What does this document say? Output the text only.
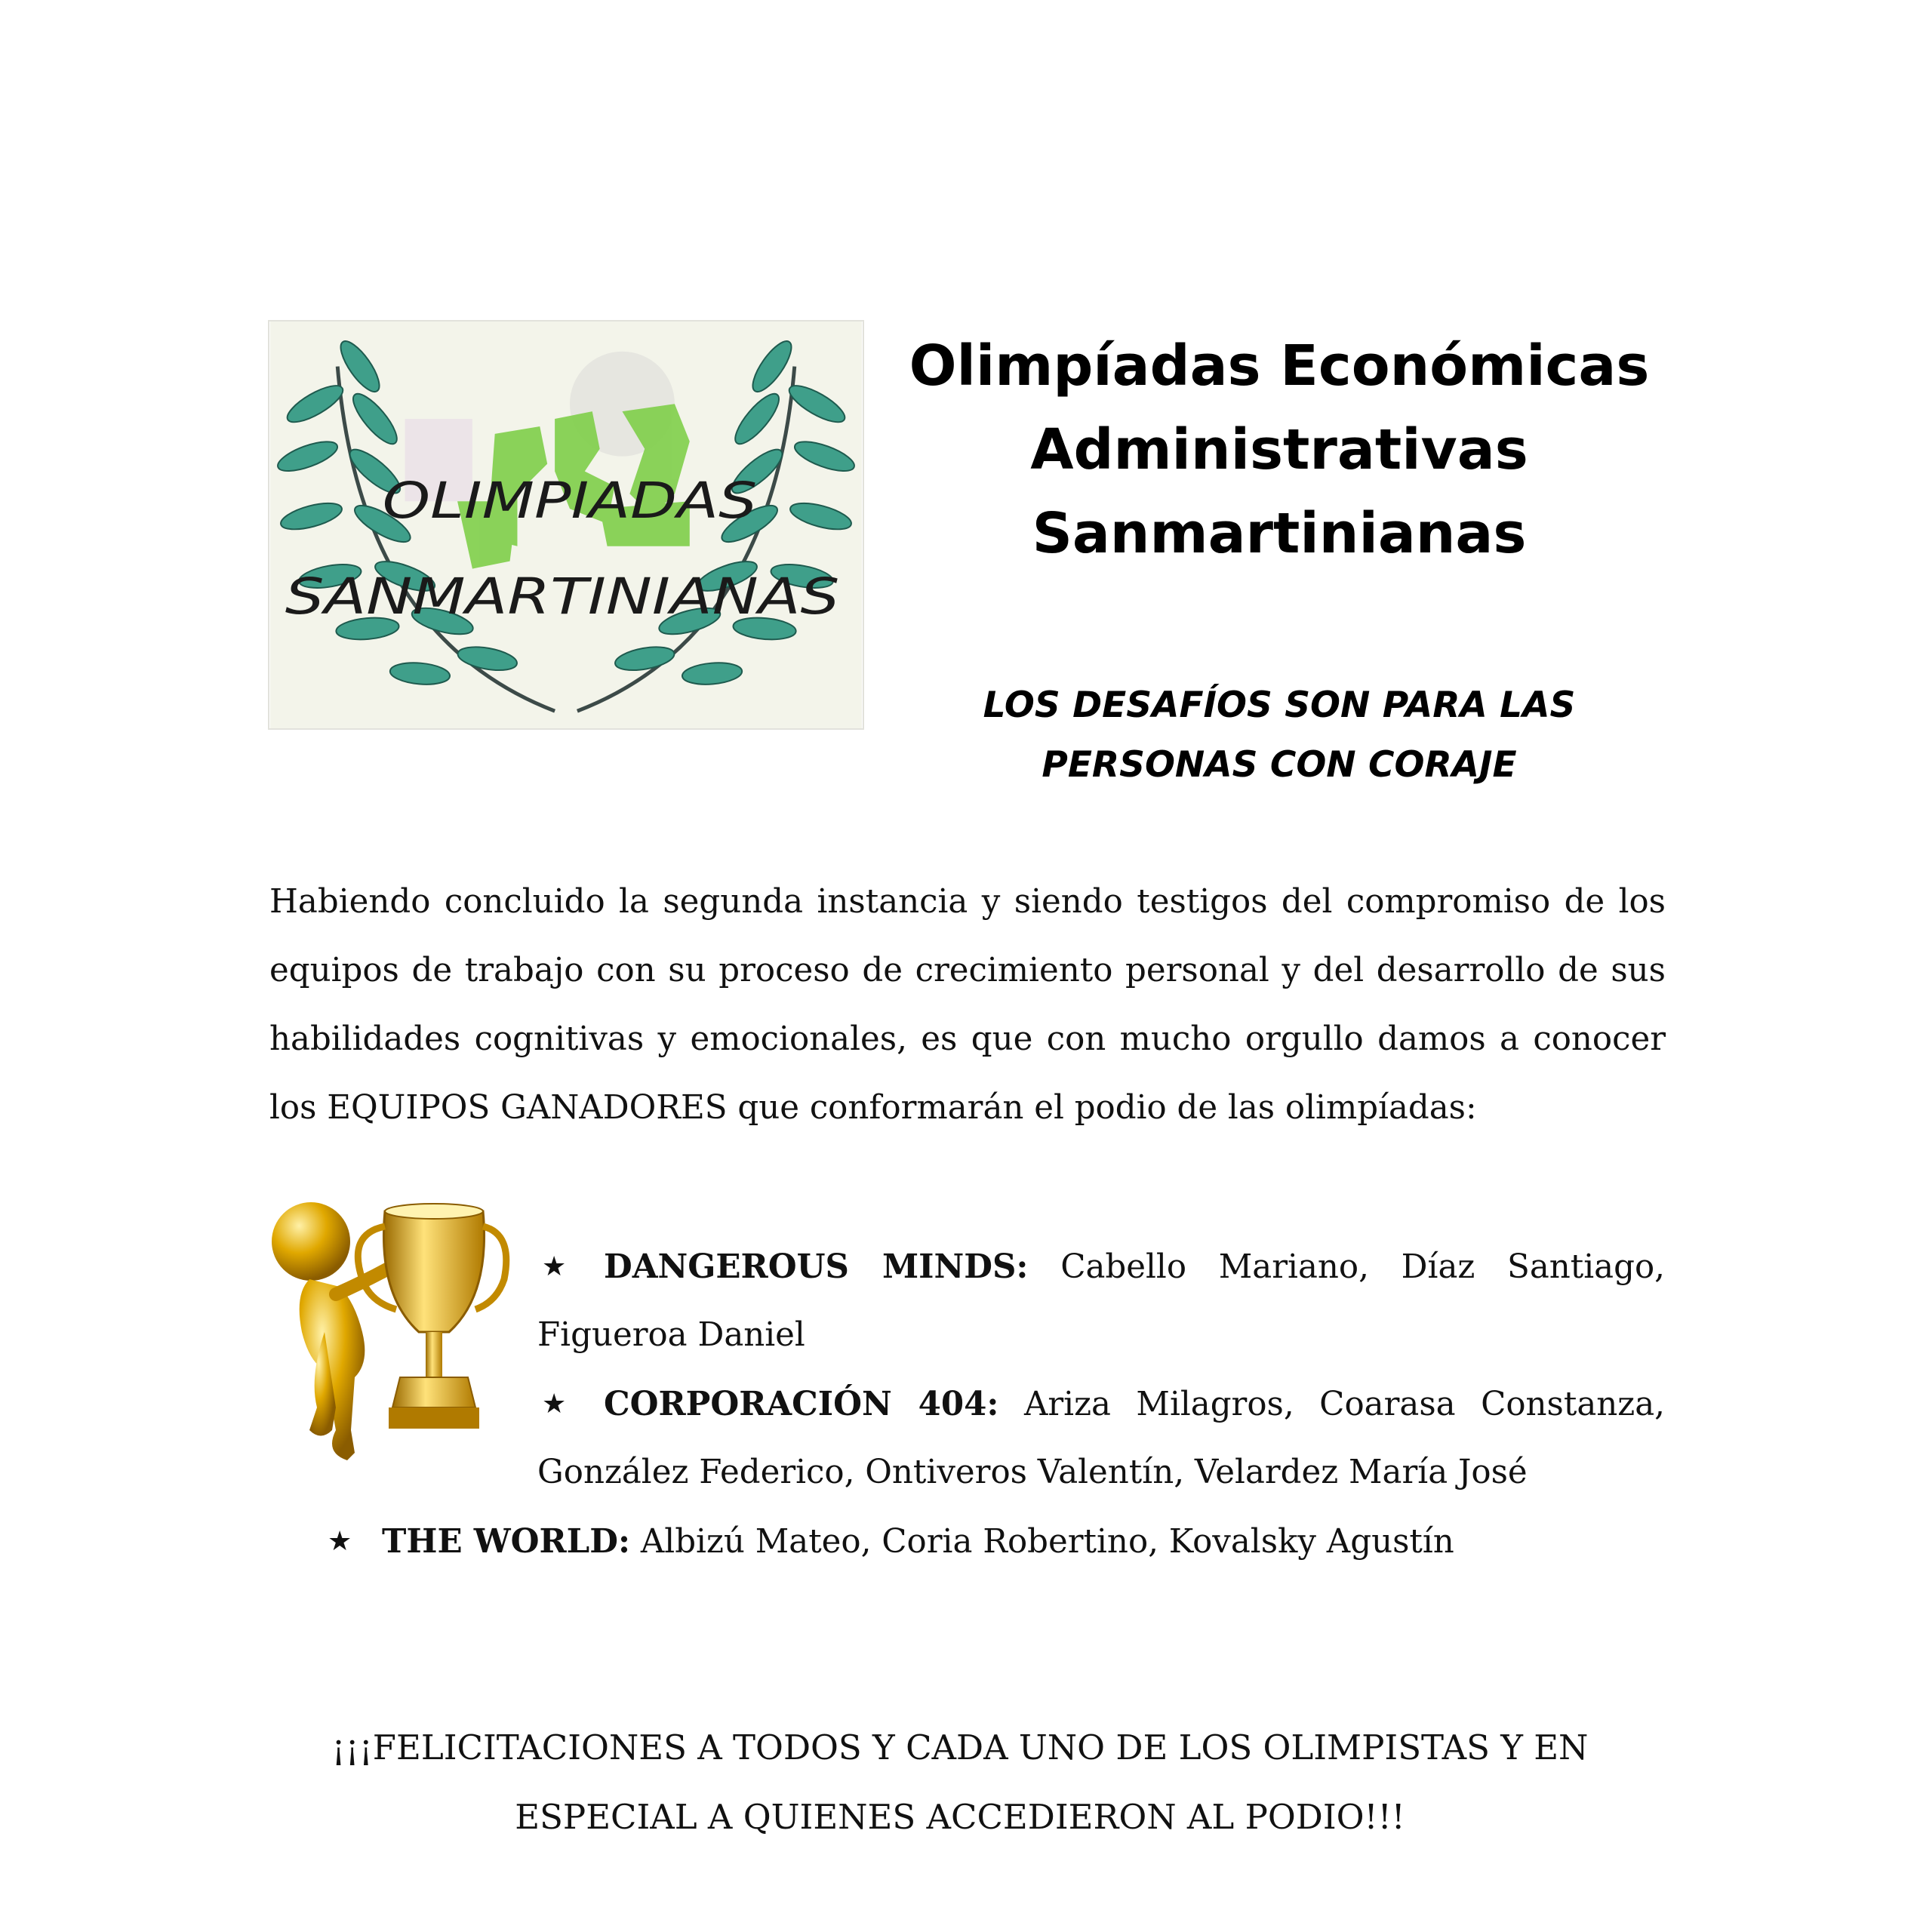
OLIMPIADAS
SANMARTINIANAS
Olimpíadas Económicas
Administrativas
Sanmartinianas
LOS DESAFÍOS SON PARA LAS
PERSONAS CON CORAJE
Habiendo concluido la segunda instancia y siendo testigos del compromiso de los
equipos de trabajo con su proceso de crecimiento personal y del desarrollo de sus
habilidades cognitivas y emocionales, es que con mucho orgullo damos a conocer
los EQUIPOS GANADORES que conformarán el podio de las olimpíadas:
★ DANGEROUS MINDS: Cabello Mariano, Díaz Santiago,
Figueroa Daniel
★ CORPORACIÓN 404: Ariza Milagros, Coarasa Constanza,
González Federico, Ontiveros Valentín, Velardez María José
★ THE WORLD: Albizú Mateo, Coria Robertino, Kovalsky Agustín
¡¡¡FELICITACIONES A TODOS Y CADA UNO DE LOS OLIMPISTAS Y EN
ESPECIAL A QUIENES ACCEDIERON AL PODIO!!!
